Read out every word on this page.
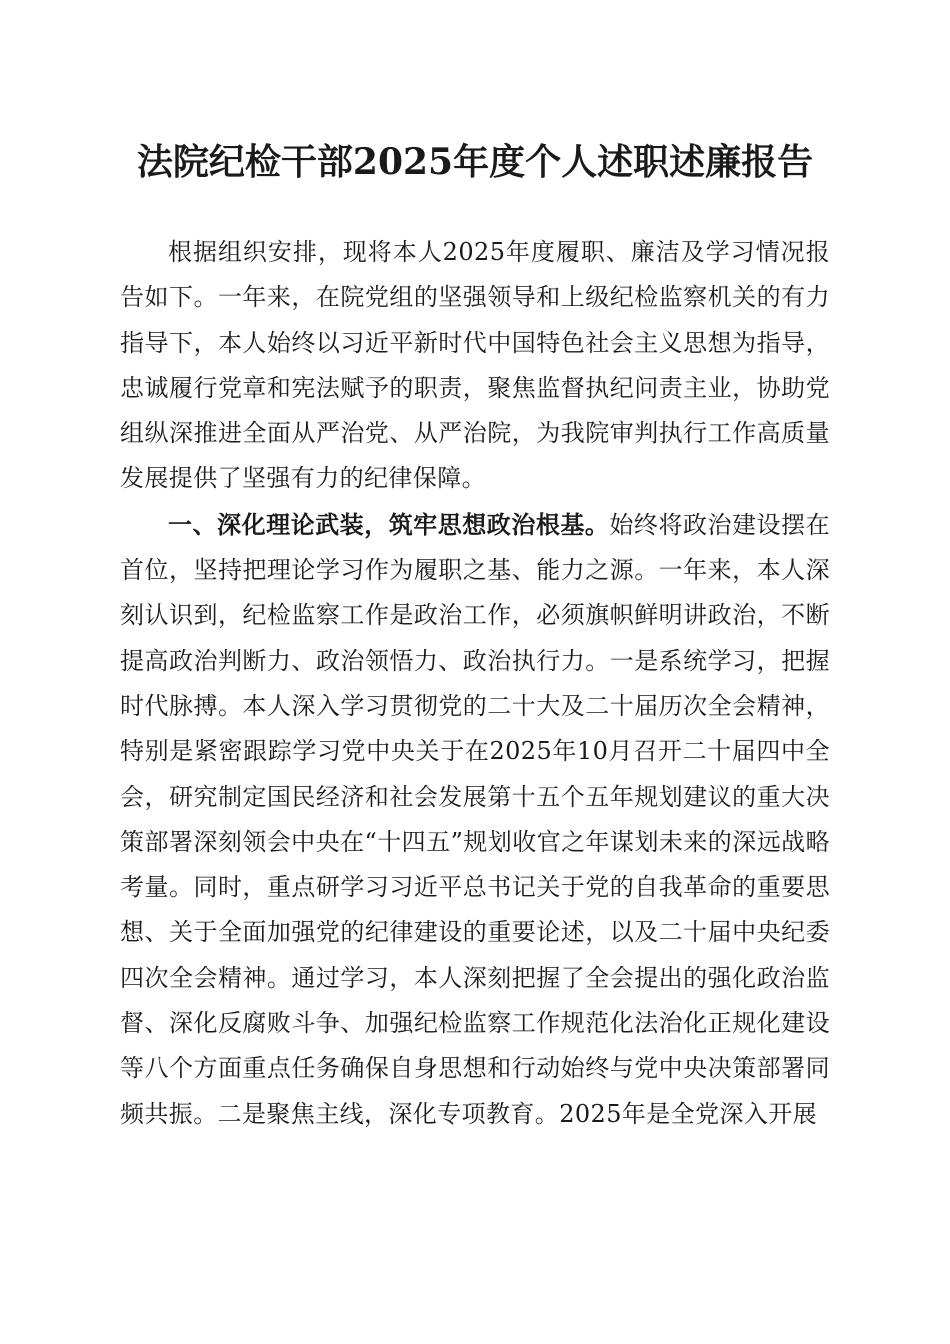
法院纪检干部2025年度个人述职述廉报告

根据组织安排，现将本人2025年度履职、廉洁及学习情况报告如下。一年来，在院党组的坚强领导和上级纪检监察机关的有力指导下，本人始终以习近平新时代中国特色社会主义思想为指导，忠诚履行党章和宪法赋予的职责，聚焦监督执纪问责主业，协助党组纵深推进全面从严治党、从严治院，为我院审判执行工作高质量发展提供了坚强有力的纪律保障。

一、深化理论武装，筑牢思想政治根基。始终将政治建设摆在首位，坚持把理论学习作为履职之基、能力之源。一年来，本人深刻认识到，纪检监察工作是政治工作，必须旗帜鲜明讲政治，不断提高政治判断力、政治领悟力、政治执行力。一是系统学习，把握时代脉搏。本人深入学习贯彻党的二十大及二十届历次全会精神，特别是紧密跟踪学习党中央关于在2025年10月召开二十届四中全会，研究制定国民经济和社会发展第十五个五年规划建议的重大决策部署深刻领会中央在“十四五”规划收官之年谋划未来的深远战略考量。同时，重点研学习习近平总书记关于党的自我革命的重要思想、关于全面加强党的纪律建设的重要论述，以及二十届中央纪委四次全会精神。通过学习，本人深刻把握了全会提出的强化政治监督、深化反腐败斗争、加强纪检监察工作规范化法治化正规化建设等八个方面重点任务确保自身思想和行动始终与党中央决策部署同频共振。二是聚焦主线，深化专项教育。2025年是全党深入开展
